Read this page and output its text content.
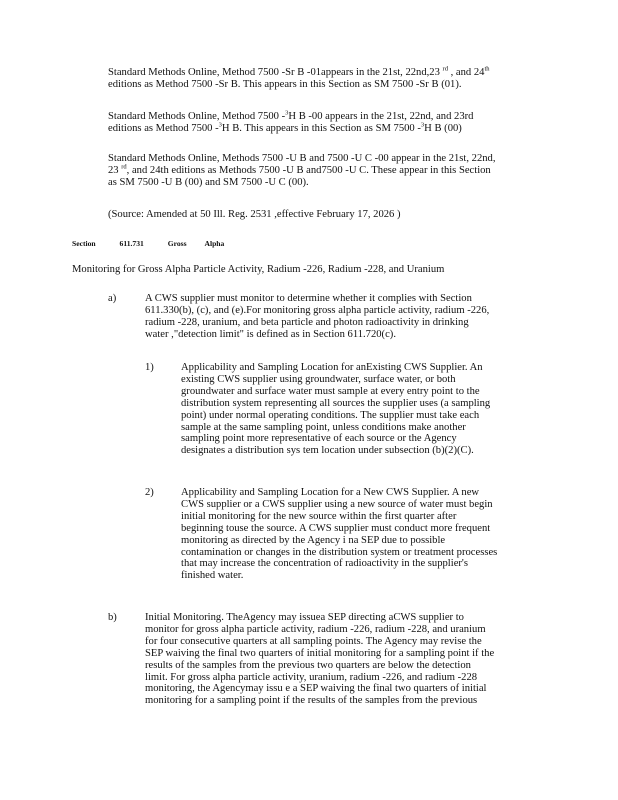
Standard Methods Online, Method 7500 -Sr B -01appears in the 21st, 22nd,23 $^{rd}$ , and 24th
editions as Method 7500 -Sr B. This appears in this Section as SM 7500 -Sr B (01).
Standard Methods Online, Method 7500 -$^3$H B -00 appears in the 21st, 22nd, and 23rd
editions as Method 7500 -$^3$H B. This appears in this Section as SM 7500 -$^3$H B (00)
Standard Methods Online, Methods 7500 -U B and 7500 -U C -00 appear in the 21st, 22nd,
23 $^{rd}$, and 24th editions as Methods 7500 -U B and7500 -U C. These appear in this Section
as SM 7500 -U B (00) and SM 7500 -U C (00).
(Source: Amended at 50 Ill. Reg. 2531 ,effective February 17, 2026 )
Section	611.731	Gross Alpha
Monitoring for Gross Alpha Particle Activity, Radium -226, Radium -228, and Uranium
a)	A CWS supplier must monitor to determine whether it complies with Section
611.330(b), (c), and (e).For monitoring gross alpha particle activity, radium -226,
radium -228, uranium, and beta particle and photon radioactivity in drinking
water ,"detection limit" is defined as in Section 611.720(c).
1)	Applicability and Sampling Location for anExisting CWS Supplier. An
existing CWS supplier using groundwater, surface water, or both
groundwater and surface water must sample at every entry point to the
distribution system representing all sources the supplier uses (a sampling
point) under normal operating conditions. The supplier must take each
sample at the same sampling point, unless conditions make another
sampling point more representative of each source or the Agency
designates a distribution sys tem location under subsection (b)(2)(C).
2)	Applicability and Sampling Location for a New CWS Supplier. A new
CWS supplier or a CWS supplier using a new source of water must begin
initial monitoring for the new source within the first quarter after
beginning touse the source. A CWS supplier must conduct more frequent
monitoring as directed by the Agency i na SEP due to possible
contamination or changes in the distribution system or treatment processes
that may increase the concentration of radioactivity in the supplier's
finished water.
b)	Initial Monitoring. TheAgency may issuea SEP directing aCWS supplier to
monitor for gross alpha particle activity, radium -226, radium -228, and uranium
for four consecutive quarters at all sampling points. The Agency may revise the
SEP waiving the final two quarters of initial monitoring for a sampling point if the
results of the samples from the previous two quarters are below the detection
limit. For gross alpha particle activity, uranium, radium -226, and radium -228
monitoring, the Agencymay issu e a SEP waiving the final two quarters of initial
monitoring for a sampling point if the results of the samples from the previous
